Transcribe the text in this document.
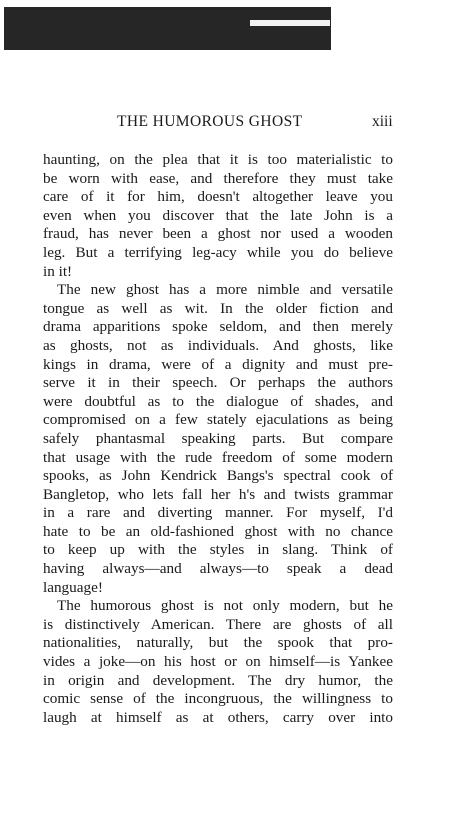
THE HUMOROUS GHOST	xiii
haunting, on the plea that it is too materialistic to
be worn with ease, and therefore they must take
care of it for him, doesn't altogether leave you
even when you discover that the late John is a
fraud, has never been a ghost nor used a wooden
leg. But a terrifying leg-acy while you do believe
in it!
The new ghost has a more nimble and versatile
tongue as well as wit. In the older fiction and
drama apparitions spoke seldom, and then merely
as ghosts, not as individuals. And ghosts, like
kings in drama, were of a dignity and must pre-
serve it in their speech. Or perhaps the authors
were doubtful as to the dialogue of shades, and
compromised on a few stately ejaculations as being
safely phantasmal speaking parts. But compare
that usage with the rude freedom of some modern
spooks, as John Kendrick Bangs's spectral cook of
Bangletop, who lets fall her h's and twists grammar
in a rare and diverting manner. For myself, I'd
hate to be an old-fashioned ghost with no chance
to keep up with the styles in slang. Think of
having always—and always—to speak a dead
language!
The humorous ghost is not only modern, but he
is distinctively American. There are ghosts of all
nationalities, naturally, but the spook that pro-
vides a joke—on his host or on himself—is Yankee
in origin and development. The dry humor, the
comic sense of the incongruous, the willingness to
laugh at himself as at others, carry over into
